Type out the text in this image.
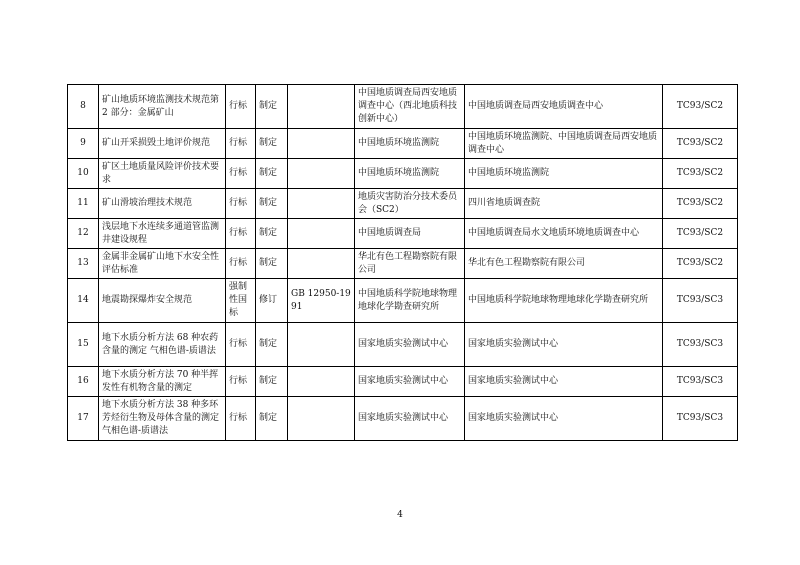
8	矿山地质环境监测技术规范第 2 部分：金属矿山	行标	制定		中国地质调查局西安地质调查中心（西北地质科技创新中心）	中国地质调查局西安地质调查中心	TC93/SC2
9	矿山开采损毁土地评价规范	行标	制定		中国地质环境监测院	中国地质环境监测院、中国地质调查局西安地质调查中心	TC93/SC2
10	矿区土地质量风险评价技术要求	行标	制定		中国地质环境监测院	中国地质环境监测院	TC93/SC2
11	矿山滑坡治理技术规范	行标	制定		地质灾害防治分技术委员会（SC2）	四川省地质调查院	TC93/SC2
12	浅层地下水连续多通道管监测井建设规程	行标	制定		中国地质调查局	中国地质调查局水文地质环境地质调查中心	TC93/SC2
13	金属非金属矿山地下水安全性评估标准	行标	制定		华北有色工程勘察院有限公司	华北有色工程勘察院有限公司	TC93/SC2
14	地震勘探爆炸安全规范	强制性国标	修订	GB 12950-1991	中国地质科学院地球物理地球化学勘查研究所	中国地质科学院地球物理地球化学勘查研究所	TC93/SC3
15	地下水质分析方法 68 种农药含量的测定 气相色谱-质谱法	行标	制定		国家地质实验测试中心	国家地质实验测试中心	TC93/SC3
16	地下水质分析方法 70 种半挥发性有机物含量的测定	行标	制定		国家地质实验测试中心	国家地质实验测试中心	TC93/SC3
17	地下水质分析方法 38 种多环芳烃衍生物及母体含量的测定 气相色谱-质谱法	行标	制定		国家地质实验测试中心	国家地质实验测试中心	TC93/SC3
4
